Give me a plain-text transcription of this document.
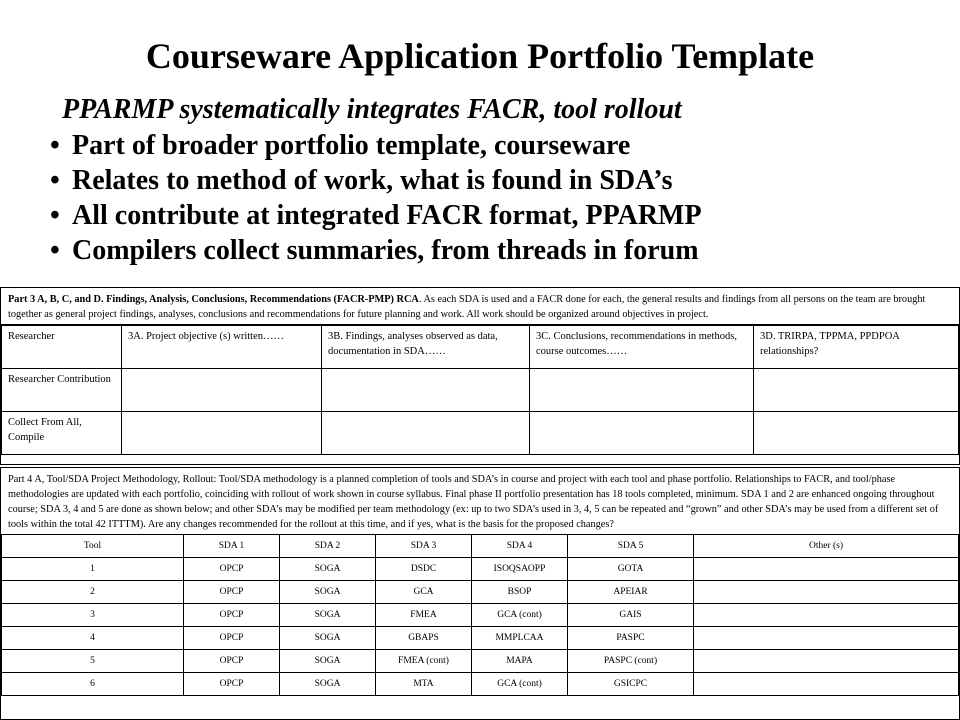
Courseware Application Portfolio Template
PPARMP systematically integrates FACR, tool rollout
• Part of broader portfolio template, courseware
• Relates to method of work, what is found in SDA’s
• All contribute at integrated FACR format, PPARMP
• Compilers collect summaries, from threads in forum
Part 3 A, B, C, and D. Findings, Analysis, Conclusions, Recommendations (FACR-PMP) RCA. As each SDA is used and a FACR done for each, the general results and findings from all persons on the team are brought together as general project findings, analyses, conclusions and recommendations for future planning and work. All work should be organized around objectives in project.
Researcher	3A. Project objective (s) written……	3B. Findings, analyses observed as data, documentation in SDA……	3C. Conclusions, recommendations in methods, course outcomes……	3D. TRIRPA, TPPMA, PPDPOA relationships?
Researcher Contribution				
Collect From All, Compile				
Part 4 A, Tool/SDA Project Methodology, Rollout: Tool/SDA methodology is a planned completion of tools and SDA’s in course and project with each tool and phase portfolio. Relationships to FACR, and tool/phase methodologies are updated with each portfolio, coinciding with rollout of work shown in course syllabus. Final phase II portfolio presentation has 18 tools completed, minimum. SDA 1 and 2 are enhanced ongoing throughout course; SDA 3, 4 and 5 are done as shown below; and other SDA’s may be modified per team methodology (ex: up to two SDA’s used in 3, 4, 5 can be repeated and “grown” and other SDA’s may be used from a different set of tools within the total 42 ITTTM). Are any changes recommended for the rollout at this time, and if yes, what is the basis for the proposed changes?
Tool	SDA 1	SDA 2	SDA 3	SDA 4	SDA 5	Other (s)
1	OPCP	SOGA	DSDC	ISOQSAOPP	GOTA	
2	OPCP	SOGA	GCA	BSOP	APEIAR	
3	OPCP	SOGA	FMEA	GCA (cont)	GAIS	
4	OPCP	SOGA	GBAPS	MMPLCAA	PASPC	
5	OPCP	SOGA	FMEA (cont)	MAPA	PASPC (cont)	
6	OPCP	SOGA	MTA	GCA (cont)	GSICPC	
